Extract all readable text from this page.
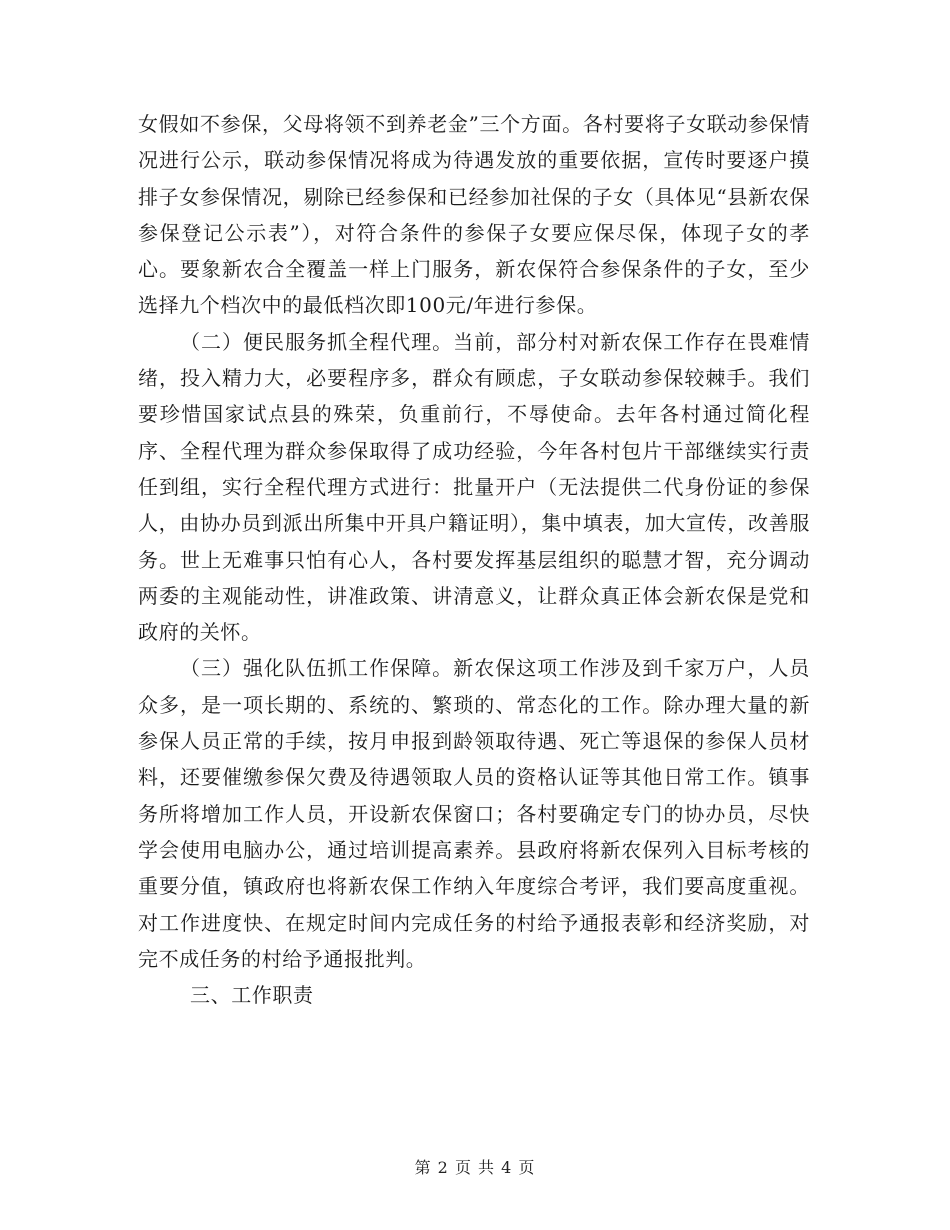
女假如不参保，父母将领不到养老金”三个方面。各村要将子女联动参保情况进行公示，联动参保情况将成为待遇发放的重要依据，宣传时要逐户摸排子女参保情况，剔除已经参保和已经参加社保的子女（具体见“县新农保参保登记公示表”），对符合条件的参保子女要应保尽保，体现子女的孝心。要象新农合全覆盖一样上门服务，新农保符合参保条件的子女，至少选择九个档次中的最低档次即100元/年进行参保。

（二）便民服务抓全程代理。当前，部分村对新农保工作存在畏难情绪，投入精力大，必要程序多，群众有顾虑，子女联动参保较棘手。我们要珍惜国家试点县的殊荣，负重前行，不辱使命。去年各村通过简化程序、全程代理为群众参保取得了成功经验，今年各村包片干部继续实行责任到组，实行全程代理方式进行：批量开户（无法提供二代身份证的参保人，由协办员到派出所集中开具户籍证明），集中填表，加大宣传，改善服务。世上无难事只怕有心人，各村要发挥基层组织的聪慧才智，充分调动两委的主观能动性，讲准政策、讲清意义，让群众真正体会新农保是党和政府的关怀。

（三）强化队伍抓工作保障。新农保这项工作涉及到千家万户，人员众多，是一项长期的、系统的、繁琐的、常态化的工作。除办理大量的新参保人员正常的手续，按月申报到龄领取待遇、死亡等退保的参保人员材料，还要催缴参保欠费及待遇领取人员的资格认证等其他日常工作。镇事务所将增加工作人员，开设新农保窗口；各村要确定专门的协办员，尽快学会使用电脑办公，通过培训提高素养。县政府将新农保列入目标考核的重要分值，镇政府也将新农保工作纳入年度综合考评，我们要高度重视。对工作进度快、在规定时间内完成任务的村给予通报表彰和经济奖励，对完不成任务的村给予通报批判。

三、工作职责

第 2 页 共 4 页
